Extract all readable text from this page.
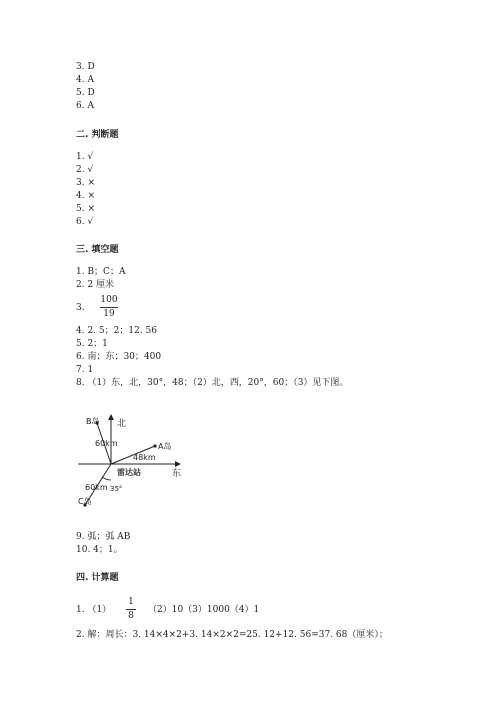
3. D
4. A
5. D
6. A
二. 判断题
1. √
2. √
3. ×
4. ×
5. ×
6. √
三. 填空题
1. B；C；A
2. 2 厘米
3.
100
19
4. 2. 5；2；12. 56
5. 2；1
6. 南；东；30；400
7. 1
8. （1）东，北，30°，48；（2）北，西，20°，60；（3）见下图。
北
东
B岛
A岛
C岛
60km
48km
60km 35°
雷达站
9. 弧；弧 AB
10. 4；1。
四. 计算题
1. （1）
1
8
（2）10（3）1000（4）1
2. 解：周长：3. 14×4×2+3. 14×2×2=25. 12+12. 56=37. 68（厘米）；
